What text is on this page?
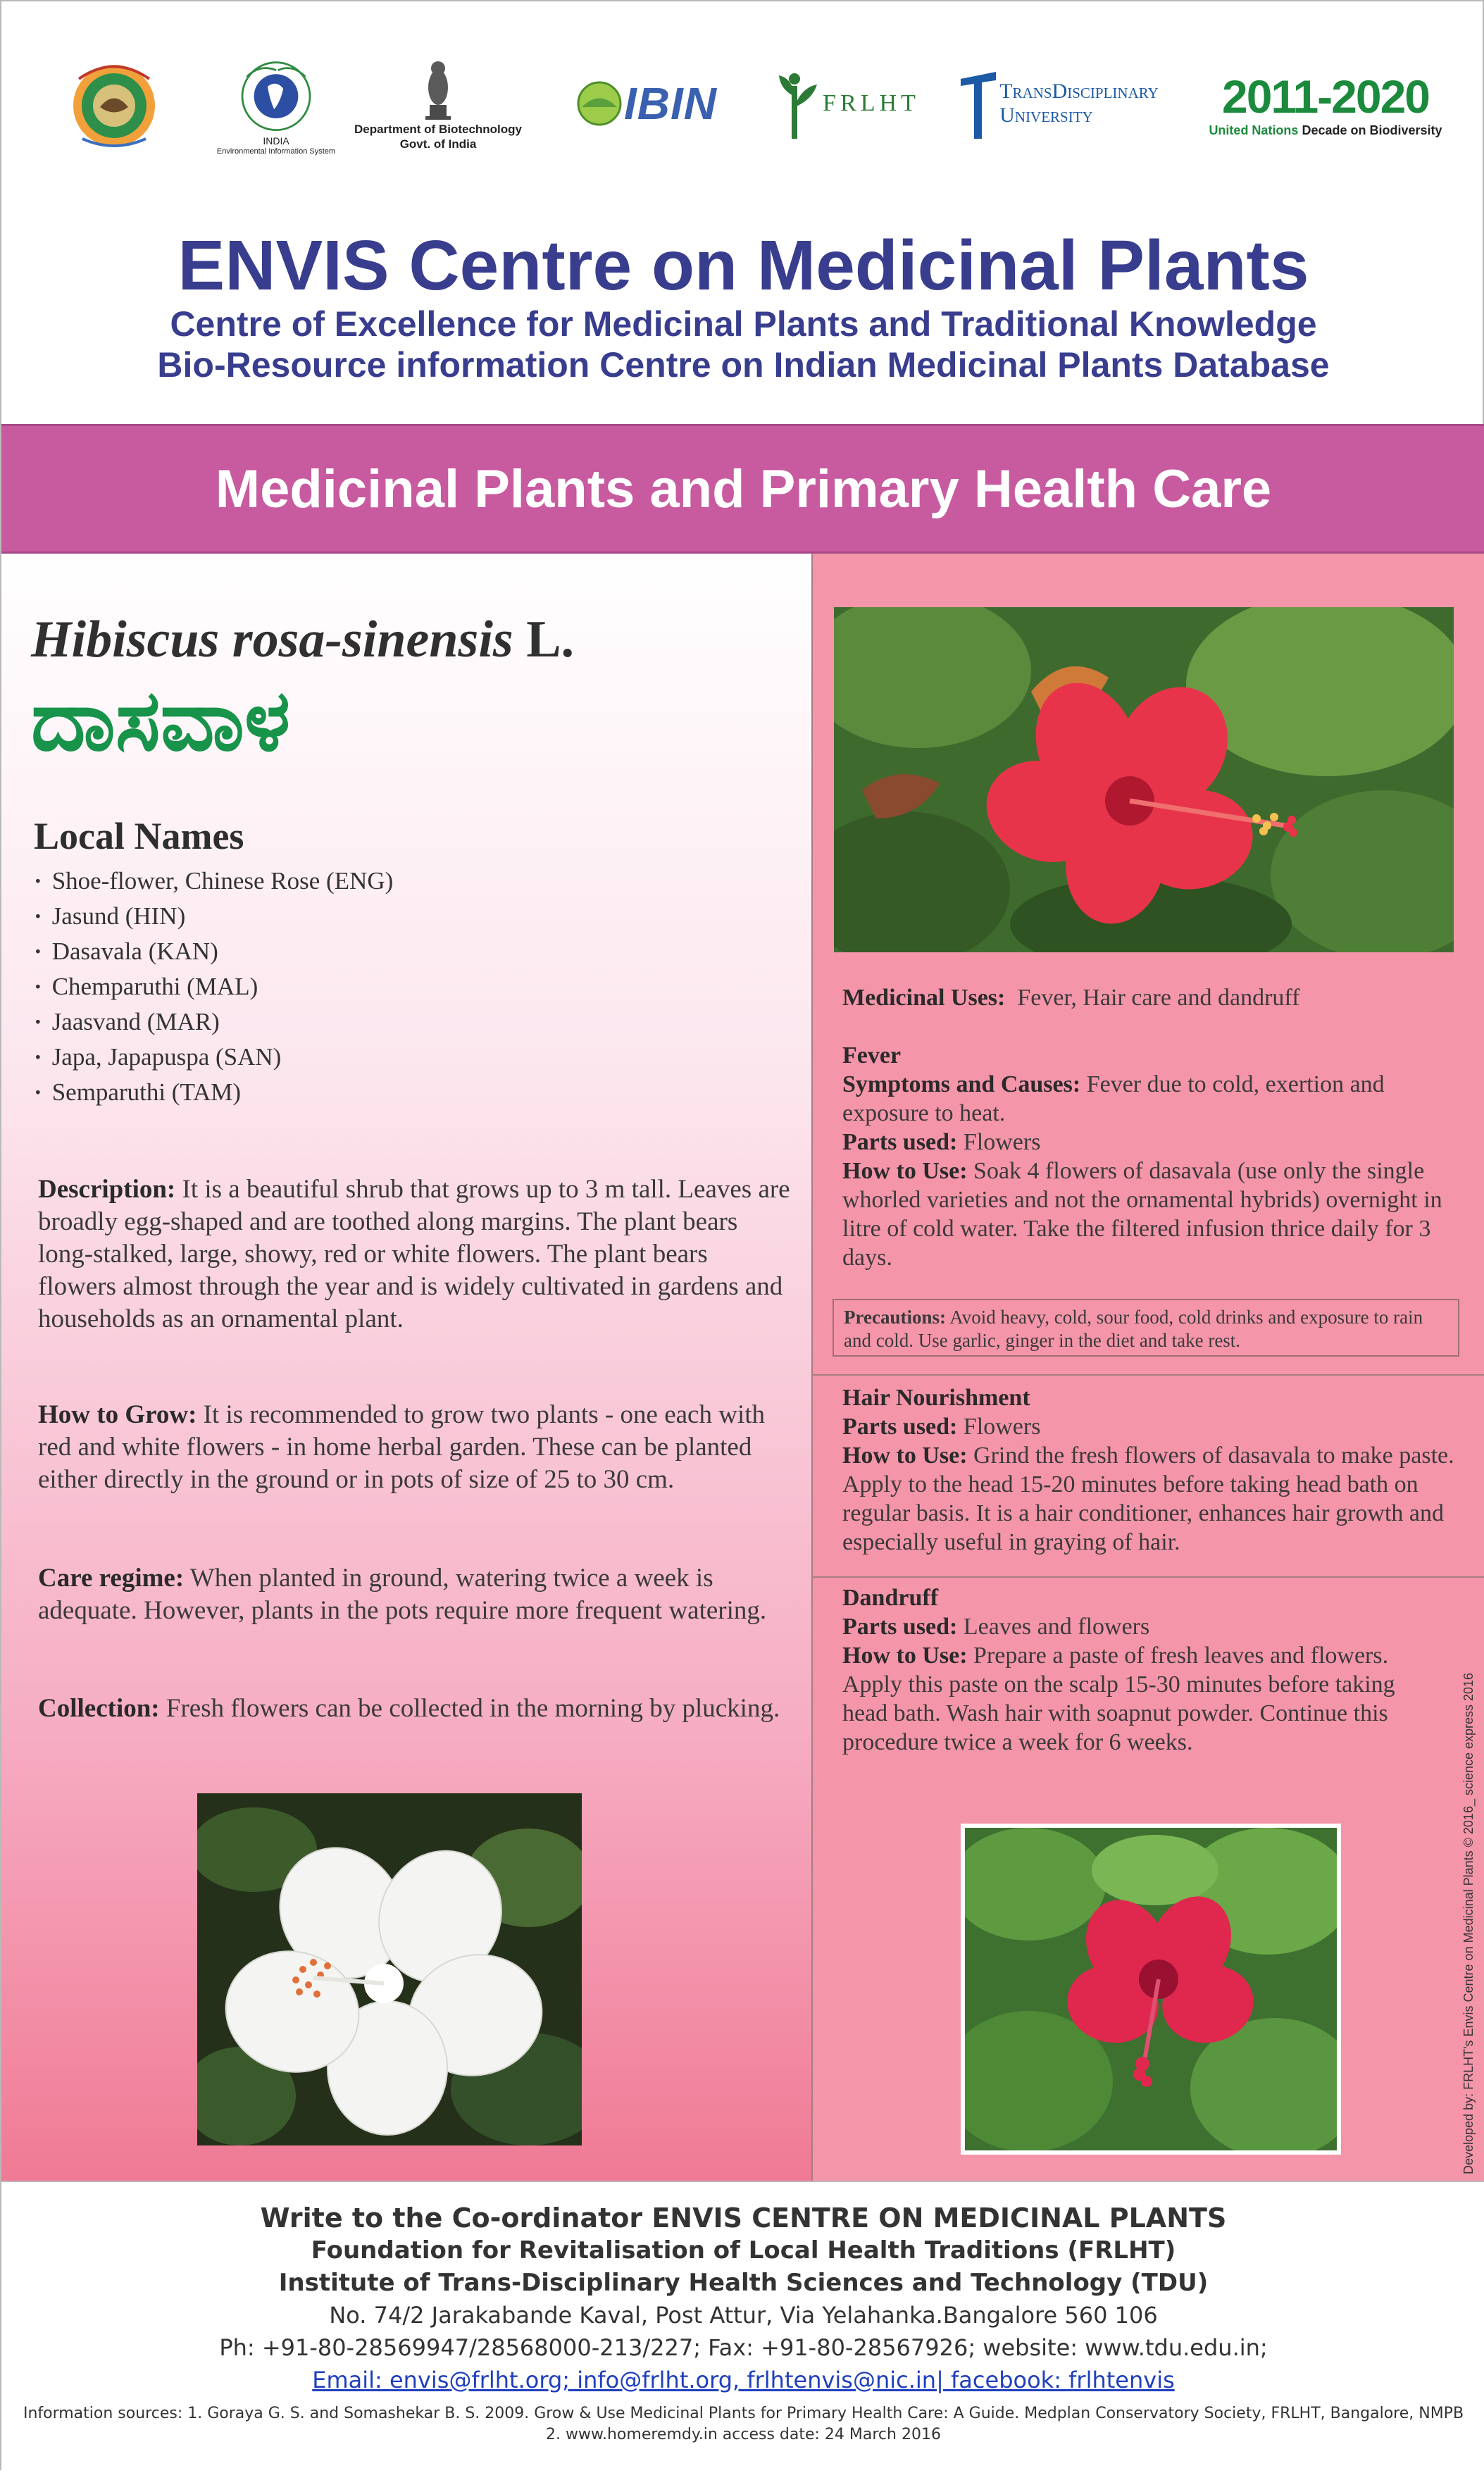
INDIA
Environmental Information System
Department of Biotechnology
Govt. of India
IBIN	FRLHT	TransDisciplinary
University	2011-2020
United Nations Decade on Biodiversity
ENVIS Centre on Medicinal Plants
Centre of Excellence for Medicinal Plants and Traditional Knowledge
Bio-Resource information Centre on Indian Medicinal Plants Database
Medicinal Plants and Primary Health Care
Hibiscus rosa-sinensis L.
ದಾಸವಾಳ
Local Names
· Shoe-flower, Chinese Rose (ENG)
· Jasund (HIN)
· Dasavala (KAN)
· Chemparuthi (MAL)
· Jaasvand (MAR)
· Japa, Japapuspa (SAN)
· Semparuthi (TAM)

Description: It is a beautiful shrub that grows up to 3 m tall. Leaves are broadly egg-shaped and are toothed along margins. The plant bears long-stalked, large, showy, red or white flowers. The plant bears flowers almost through the year and is widely cultivated in gardens and households as an ornamental plant.

How to Grow: It is recommended to grow two plants - one each with red and white flowers - in home herbal garden. These can be planted either directly in the ground or in pots of size of 25 to 30 cm.

Care regime: When planted in ground, watering twice a week is adequate. However, plants in the pots require more frequent watering.

Collection: Fresh flowers can be collected in the morning by plucking.

Medicinal Uses: Fever, Hair care and dandruff

Fever
Symptoms and Causes: Fever due to cold, exertion and exposure to heat.
Parts used: Flowers
How to Use: Soak 4 flowers of dasavala (use only the single whorled varieties and not the ornamental hybrids) overnight in litre of cold water. Take the filtered infusion thrice daily for 3 days.
Precautions: Avoid heavy, cold, sour food, cold drinks and exposure to rain and cold. Use garlic, ginger in the diet and take rest.
Hair Nourishment
Parts used: Flowers
How to Use: Grind the fresh flowers of dasavala to make paste. Apply to the head 15-20 minutes before taking head bath on regular basis. It is a hair conditioner, enhances hair growth and especially useful in graying of hair.
Dandruff
Parts used: Leaves and flowers
How to Use: Prepare a paste of fresh leaves and flowers. Apply this paste on the scalp 15-30 minutes before taking head bath. Wash hair with soapnut powder. Continue this procedure twice a week for 6 weeks.	Developed by: FRLHT's Envis Centre on Medicinal Plants © 2016_ science express 2016
Write to the Co-ordinator ENVIS CENTRE ON MEDICINAL PLANTS
Foundation for Revitalisation of Local Health Traditions (FRLHT)
Institute of Trans-Disciplinary Health Sciences and Technology (TDU)
No. 74/2 Jarakabande Kaval, Post Attur, Via Yelahanka.Bangalore 560 106
Ph: +91-80-28569947/28568000-213/227; Fax: +91-80-28567926; website: www.tdu.edu.in;
Email: envis@frlht.org; info@frlht.org, frlhtenvis@nic.in| facebook: frlhtenvis
Information sources: 1. Goraya G. S. and Somashekar B. S. 2009. Grow & Use Medicinal Plants for Primary Health Care: A Guide. Medplan Conservatory Society, FRLHT, Bangalore, NMPB
2. www.homeremdy.in access date: 24 March 2016
